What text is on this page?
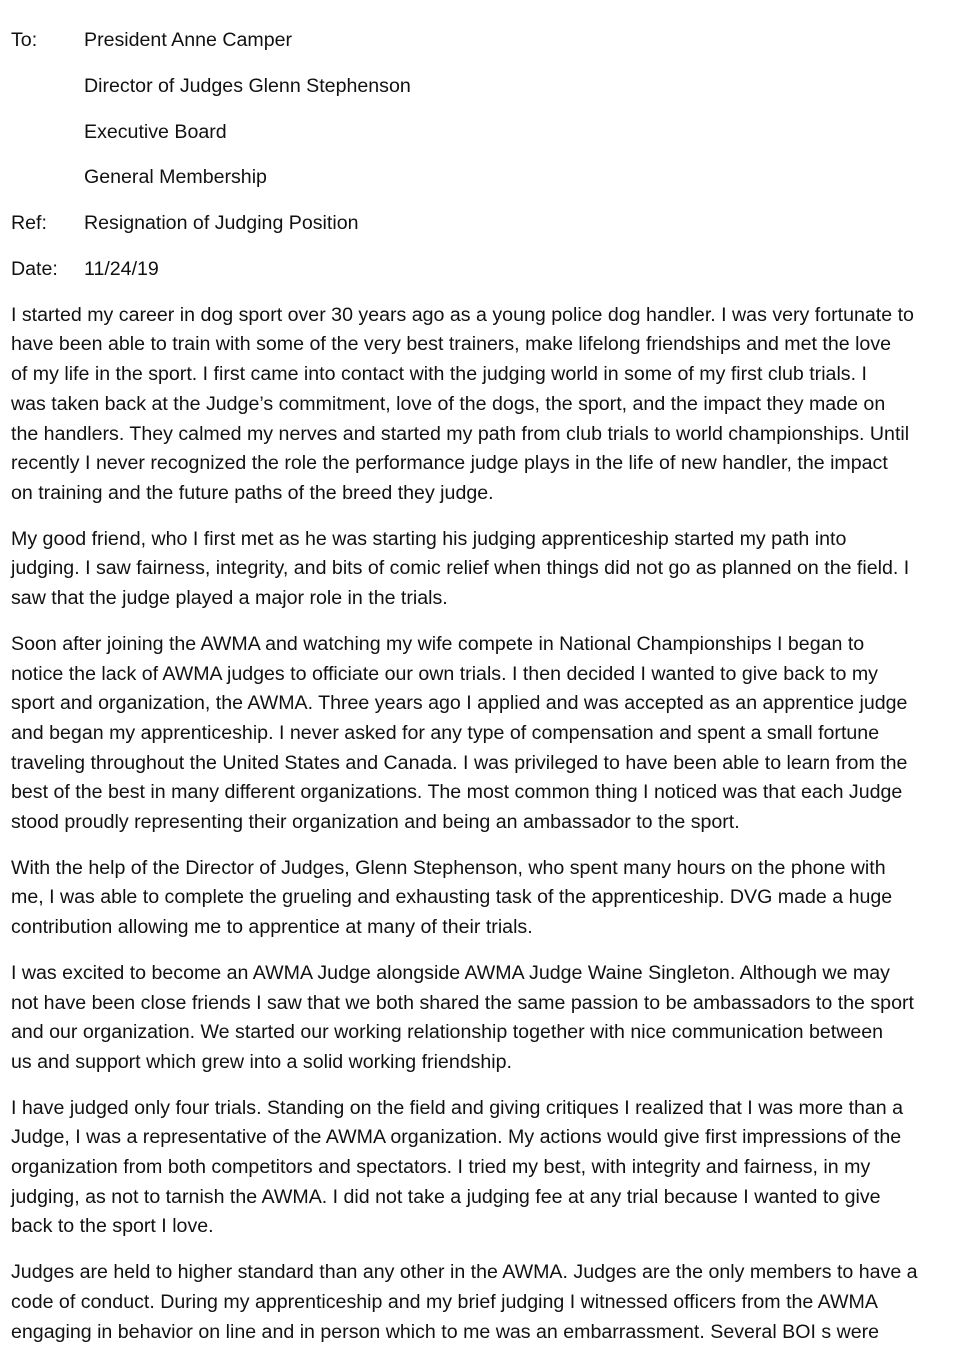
To:	President Anne Camper
Director of Judges Glenn Stephenson
Executive Board
General Membership
Ref:	Resignation of Judging Position
Date:	11/24/19
I started my career in dog sport over 30 years ago as a young police dog handler. I was very fortunate to
have been able to train with some of the very best trainers, make lifelong friendships and met the love
of my life in the sport. I first came into contact with the judging world in some of my first club trials. I
was taken back at the Judge’s commitment, love of the dogs, the sport, and the impact they made on
the handlers. They calmed my nerves and started my path from club trials to world championships. Until
recently I never recognized the role the performance judge plays in the life of new handler, the impact
on training and the future paths of the breed they judge.
My good friend, who I first met as he was starting his judging apprenticeship started my path into
judging. I saw fairness, integrity, and bits of comic relief when things did not go as planned on the field. I
saw that the judge played a major role in the trials.
Soon after joining the AWMA and watching my wife compete in National Championships I began to
notice the lack of AWMA judges to officiate our own trials. I then decided I wanted to give back to my
sport and organization, the AWMA. Three years ago I applied and was accepted as an apprentice judge
and began my apprenticeship. I never asked for any type of compensation and spent a small fortune
traveling throughout the United States and Canada. I was privileged to have been able to learn from the
best of the best in many different organizations. The most common thing I noticed was that each Judge
stood proudly representing their organization and being an ambassador to the sport.
With the help of the Director of Judges, Glenn Stephenson, who spent many hours on the phone with
me, I was able to complete the grueling and exhausting task of the apprenticeship. DVG made a huge
contribution allowing me to apprentice at many of their trials.
I was excited to become an AWMA Judge alongside AWMA Judge Waine Singleton. Although we may
not have been close friends I saw that we both shared the same passion to be ambassadors to the sport
and our organization. We started our working relationship together with nice communication between
us and support which grew into a solid working friendship.
I have judged only four trials. Standing on the field and giving critiques I realized that I was more than a
Judge, I was a representative of the AWMA organization. My actions would give first impressions of the
organization from both competitors and spectators. I tried my best, with integrity and fairness, in my
judging, as not to tarnish the AWMA. I did not take a judging fee at any trial because I wanted to give
back to the sport I love.
Judges are held to higher standard than any other in the AWMA. Judges are the only members to have a
code of conduct. During my apprenticeship and my brief judging I witnessed officers from the AWMA
engaging in behavior on line and in person which to me was an embarrassment. Several BOI s were
